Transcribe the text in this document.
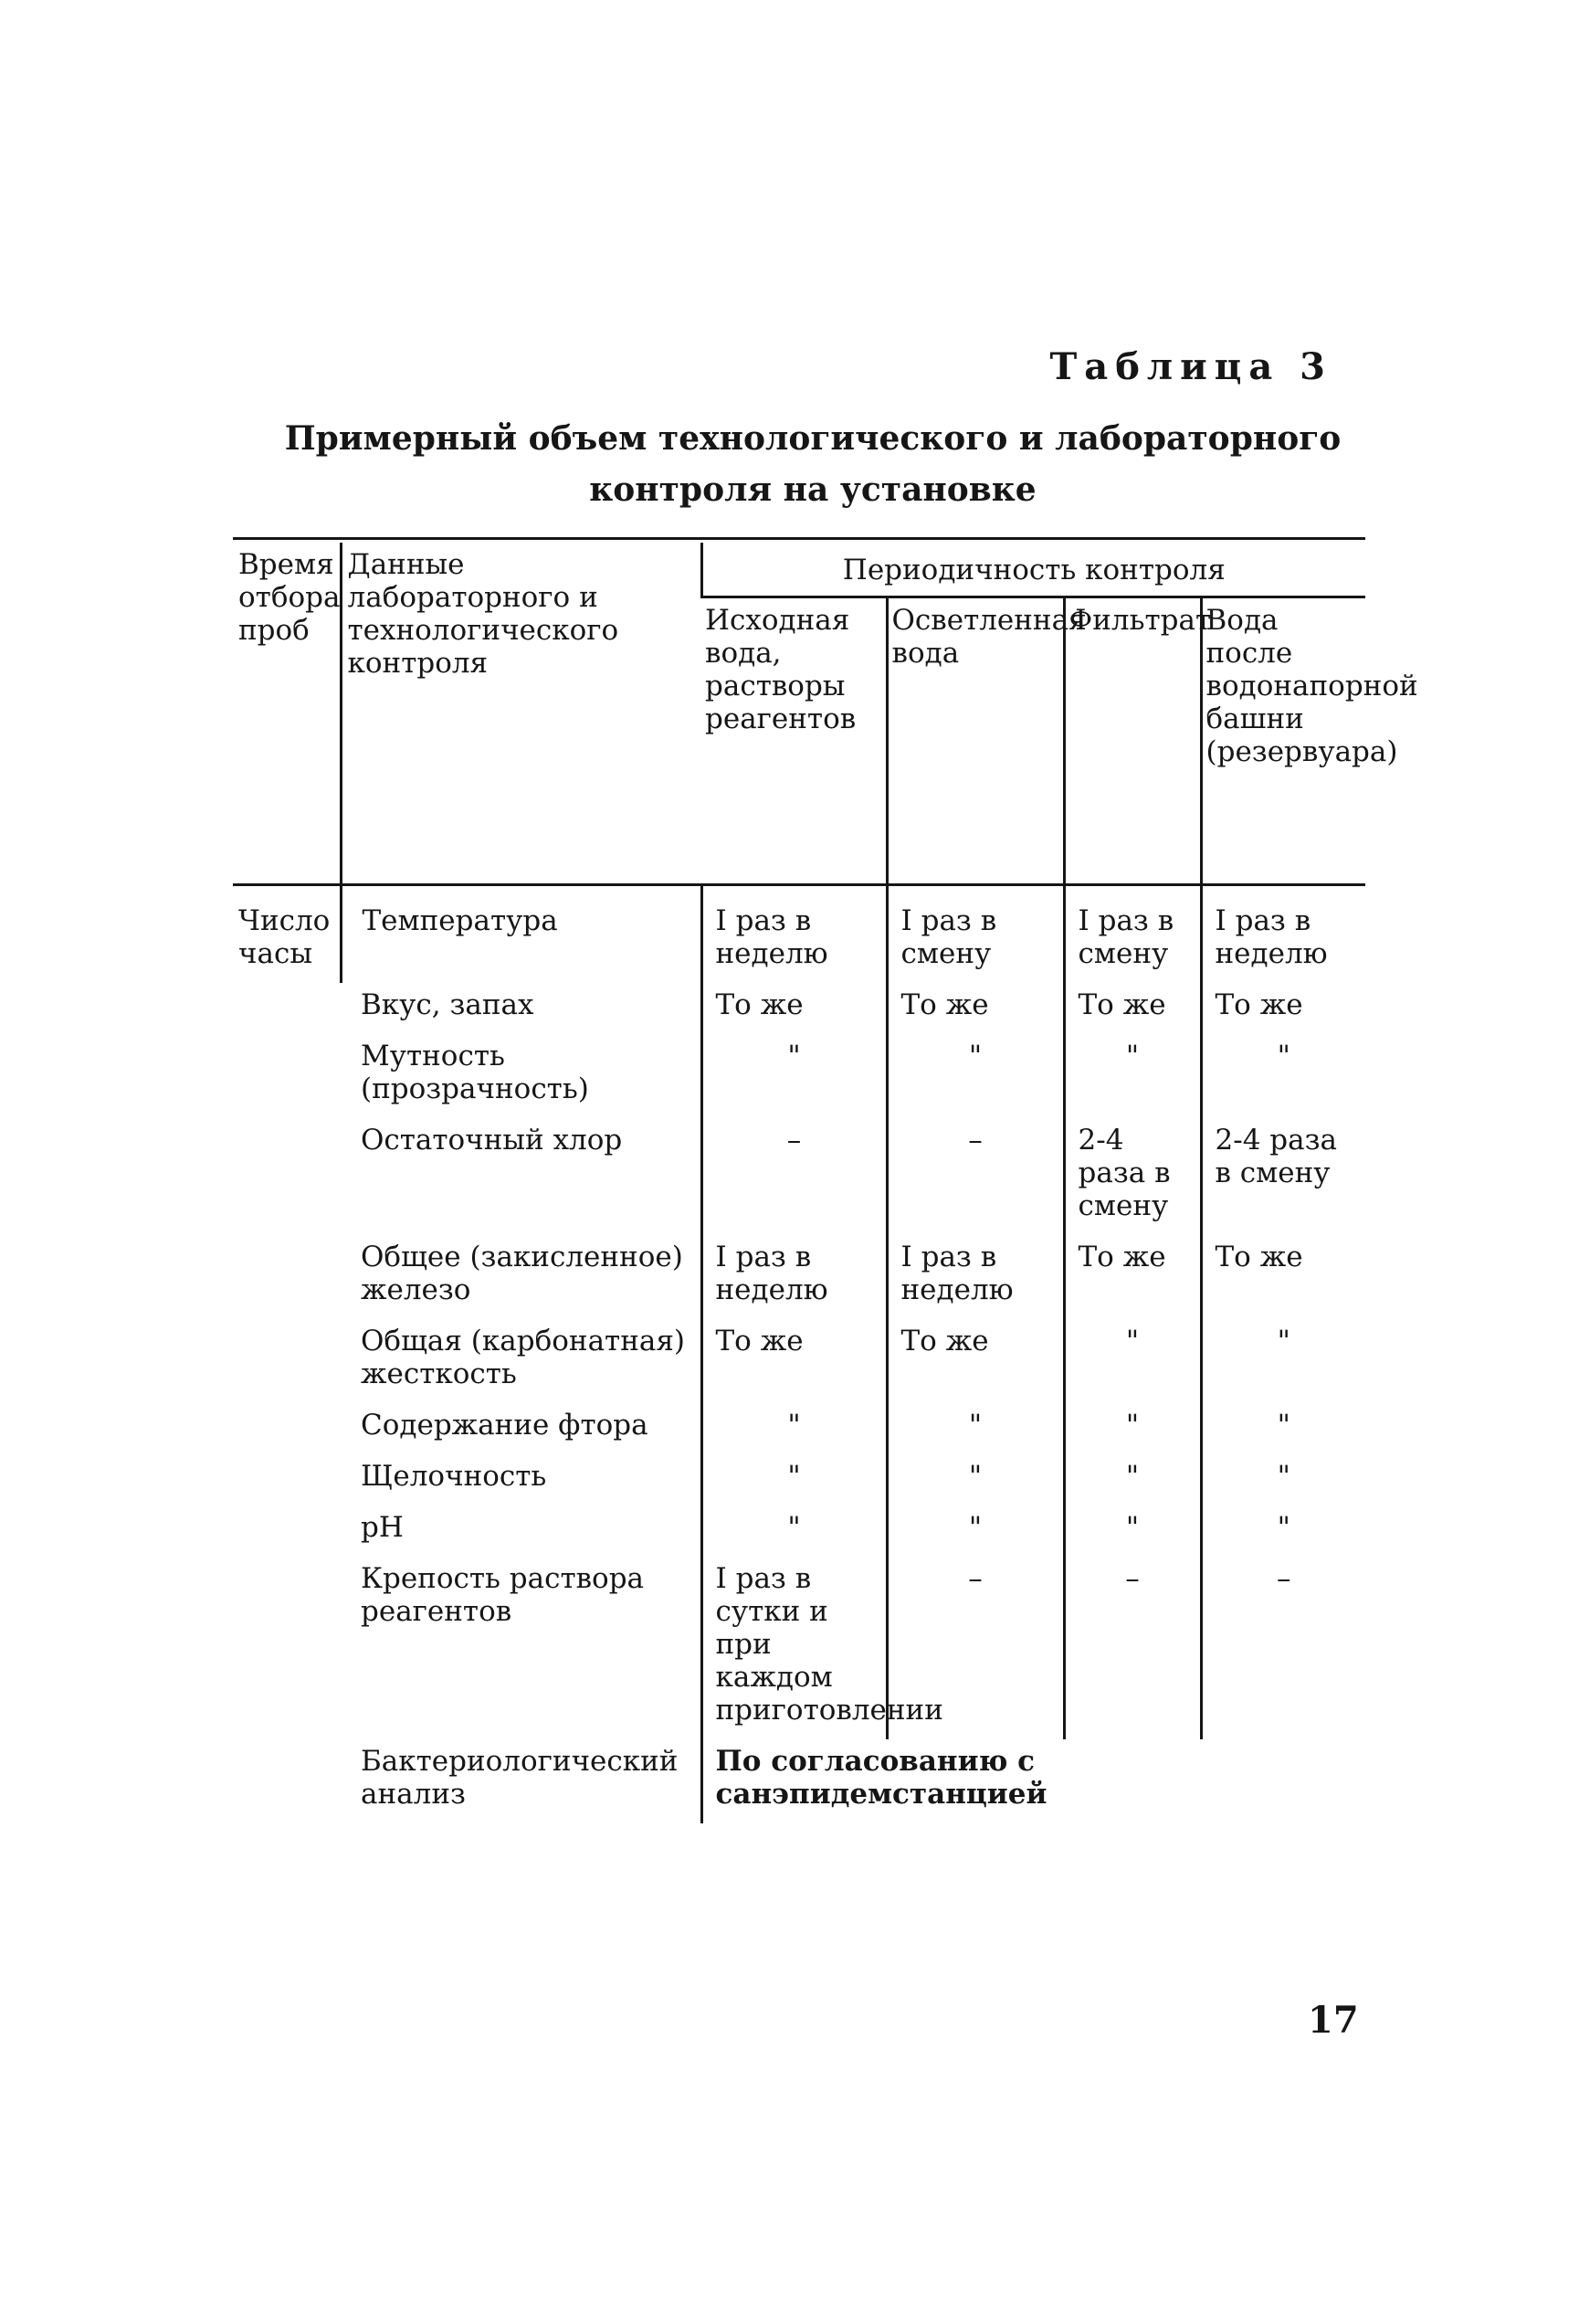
Таблица 3
Примерный объем технологического и лабораторного
контроля на установке
Время отбора проб	Данные лабораторного и технологического контроля	Периодичность контроля			
		Исходная вода, растворы реагентов	Осветленная вода	Фильтрат	Вода после водонапорной башни (резервуара)
Число часы	Температура	I раз в неделю	I раз в смену	I раз в смену	I раз в неделю
	Вкус, запах	То же	То же	То же	То же
	Мутность (прозрачность)	"	"	"	"
	Остаточный хлор	–	–	2-4 раза в смену	2-4 раза в смену
	Общее (закисленное) железо	I раз в неделю	I раз в неделю	То же	То же
	Общая (карбонатная) жесткость	То же	То же	"	"
	Содержание фтора	"	"	"	"
	Щелочность	"	"	"	"
	рН	"	"	"	"
	Крепость раствора реагентов	I раз в сутки и при каждом приготовлении	–	–	–
	Бактериологический анализ	По согласованию с санэпидемстанцией			
17
